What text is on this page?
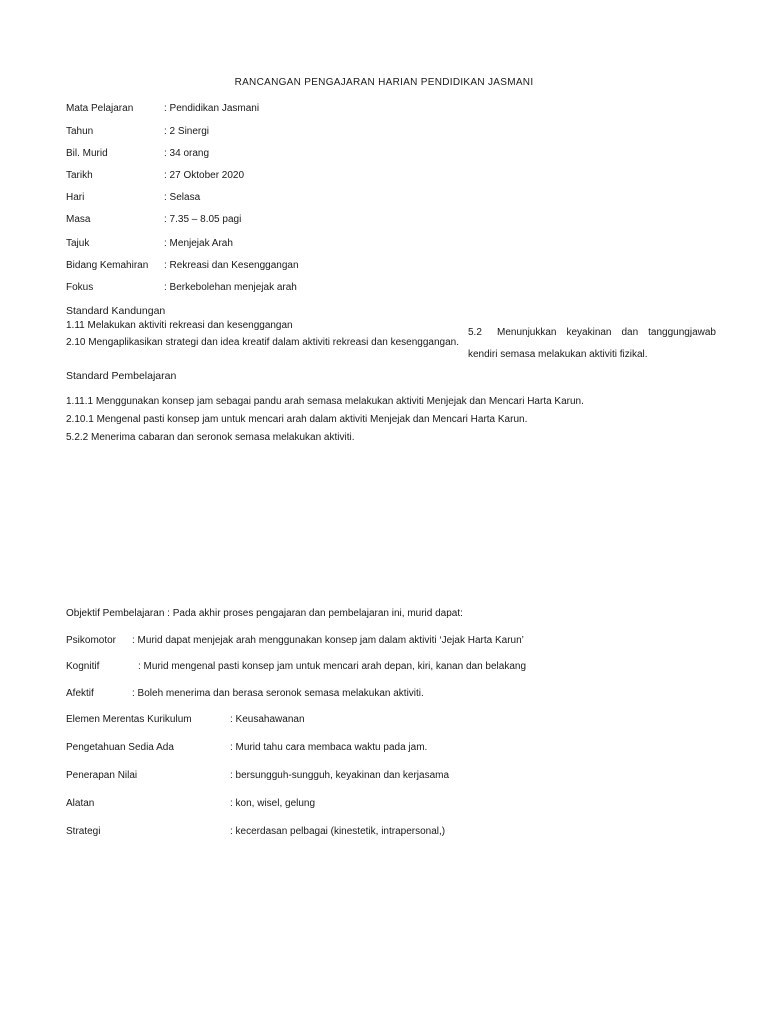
RANCANGAN PENGAJARAN HARIAN PENDIDIKAN JASMANI
Mata Pelajaran	: Pendidikan Jasmani
Tahun	: 2 Sinergi
Bil. Murid	: 34 orang
Tarikh	: 27 Oktober 2020
Hari	: Selasa
Masa	: 7.35 – 8.05 pagi
Tajuk	: Menjejak Arah
Bidang Kemahiran : Rekreasi dan Kesenggangan
Fokus	: Berkebolehan menjejak arah
Standard Kandungan
1.11 Melakukan aktiviti rekreasi dan kesenggangan
2.10 Mengaplikasikan strategi dan idea kreatif dalam aktiviti rekreasi dan kesenggangan.
5.2 Menunjukkan keyakinan dan tanggungjawab kendiri semasa melakukan aktiviti fizikal.
Standard Pembelajaran
1.11.1 Menggunakan konsep jam sebagai pandu arah semasa melakukan aktiviti Menjejak dan Mencari Harta Karun.
2.10.1 Mengenal pasti konsep jam untuk mencari arah dalam aktiviti Menjejak dan Mencari Harta Karun.
5.2.2 Menerima cabaran dan seronok semasa melakukan aktiviti.
Objektif Pembelajaran : Pada akhir proses pengajaran dan pembelajaran ini, murid dapat:
Psikomotor : Murid dapat menjejak arah menggunakan konsep jam dalam aktiviti ‘Jejak Harta Karun’
Kognitif	: Murid mengenal pasti konsep jam untuk mencari arah depan, kiri, kanan dan belakang
Afektif	: Boleh menerima dan berasa seronok semasa melakukan aktiviti.
Elemen Merentas Kurikulum	: Keusahawanan
Pengetahuan Sedia Ada	: Murid tahu cara membaca waktu pada jam.
Penerapan Nilai	: bersungguh-sungguh, keyakinan dan kerjasama
Alatan	: kon, wisel, gelung
Strategi	: kecerdasan pelbagai (kinestetik, intrapersonal,)
